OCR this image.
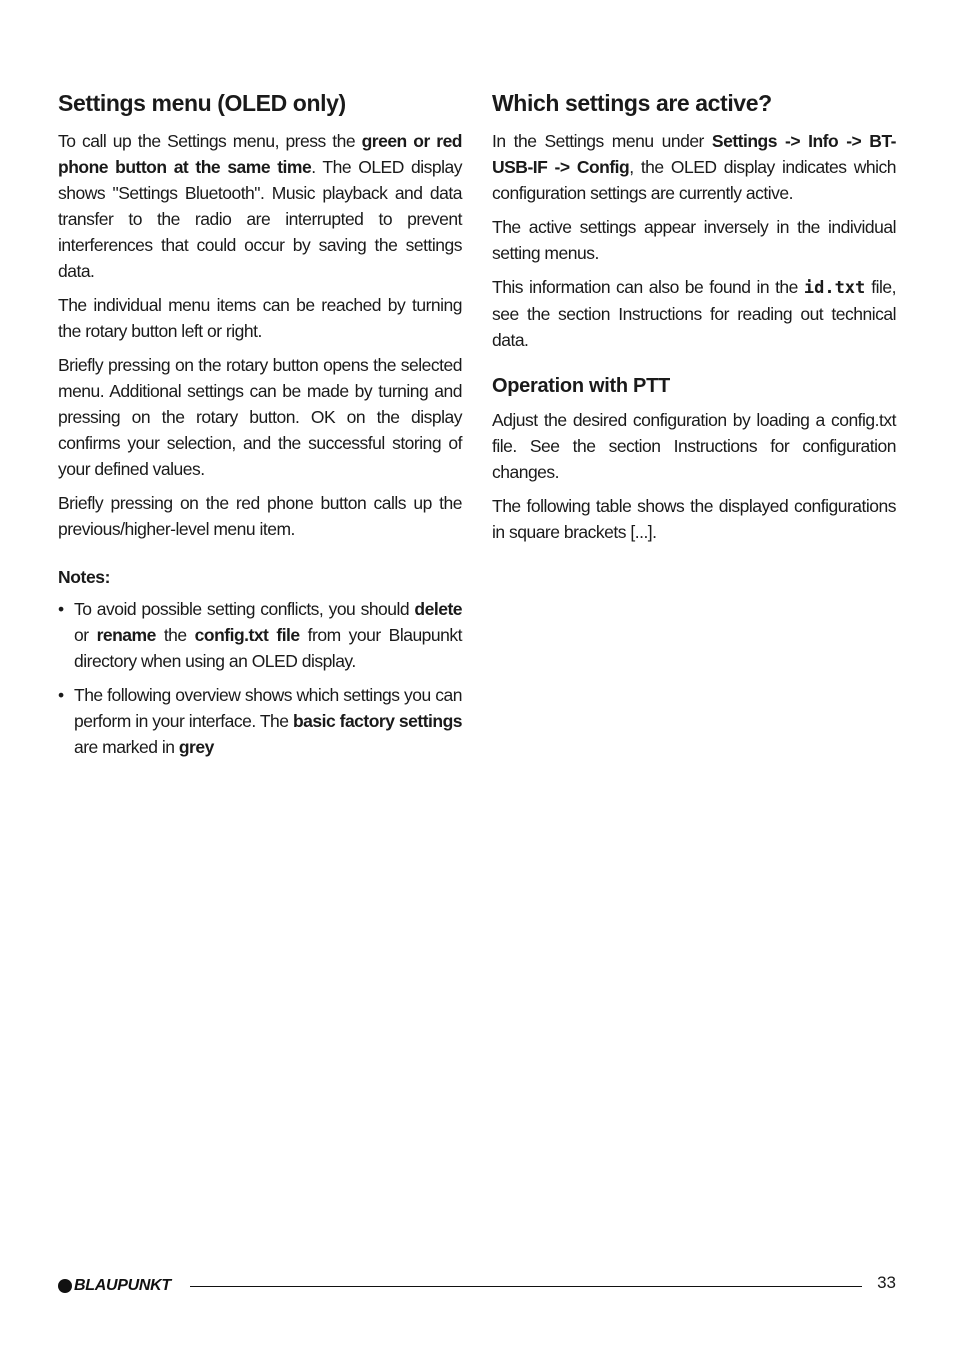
Settings menu (OLED only)

To call up the Settings menu, press the green or red phone button at the same time. The OLED display shows "Settings Bluetooth". Music playback and data transfer to the radio are interrupted to prevent interferences that could occur by saving the settings data.

The individual menu items can be reached by turning the rotary button left or right.

Briefly pressing on the rotary button opens the selected menu. Additional settings can be made by turning and pressing on the rotary button. OK on the display confirms your selection, and the successful storing of your defined values.

Briefly pressing on the red phone button calls up the previous/higher-level menu item.

Notes:
• To avoid possible setting conflicts, you should delete or rename the config.txt file from your Blaupunkt directory when using an OLED display.
• The following overview shows which settings you can perform in your interface. The basic factory settings are marked in grey
Which settings are active?

In the Settings menu under Settings -> Info -> BT-USB-IF -> Config, the OLED display indicates which configuration settings are currently active.

The active settings appear inversely in the individual setting menus.

This information can also be found in the id.txt file, see the section Instructions for reading out technical data.

Operation with PTT

Adjust the desired configuration by loading a config.txt file. See the section Instructions for configuration changes.

The following table shows the displayed configurations in square brackets [...].

BLAUPUNKT	33
